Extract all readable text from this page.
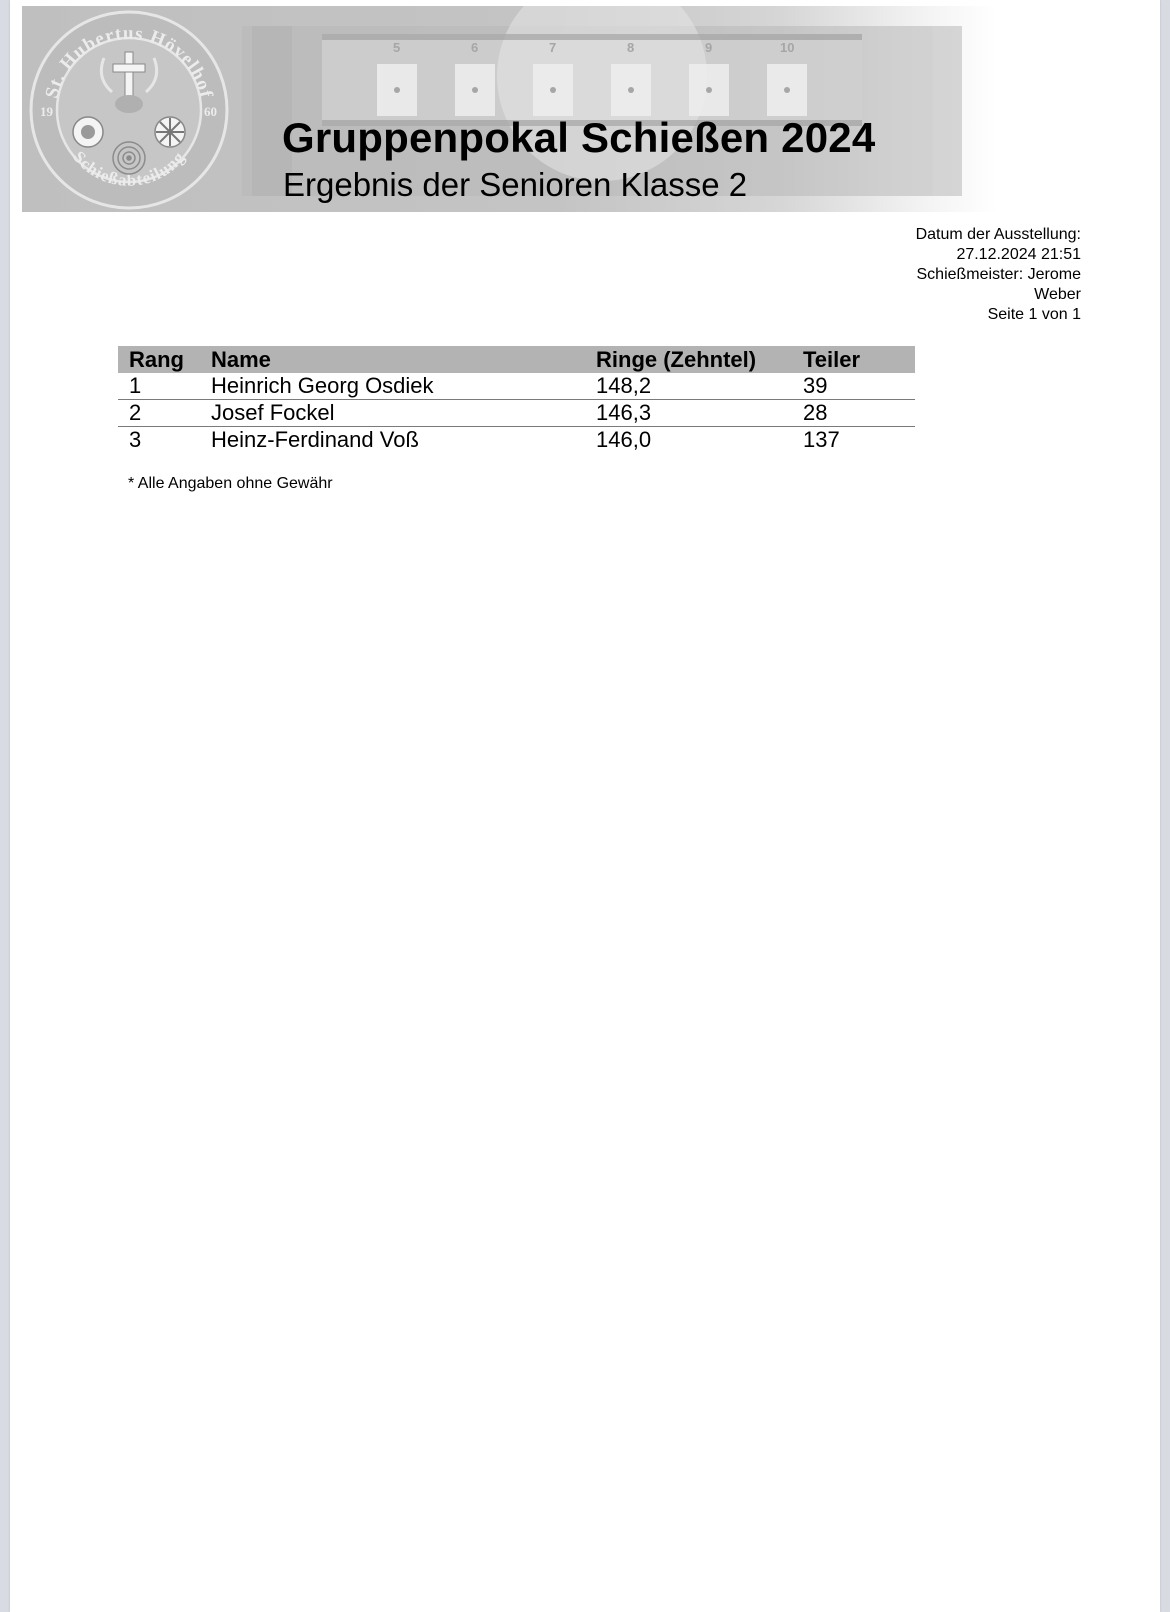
5	6	7	8	9	10
St. Hubertus Hövelhof
Schießabteilung
19	60
Gruppenpokal Schießen 2024
Ergebnis der Senioren Klasse 2
Datum der Ausstellung:
27.12.2024 21:51
Schießmeister: Jerome
Weber
Seite 1 von 1
Rang	Name	Ringe (Zehntel)	Teiler
1	Heinrich Georg Osdiek	148,2	39
2	Josef Fockel	146,3	28
3	Heinz-Ferdinand Voß	146,0	137
* Alle Angaben ohne Gewähr
